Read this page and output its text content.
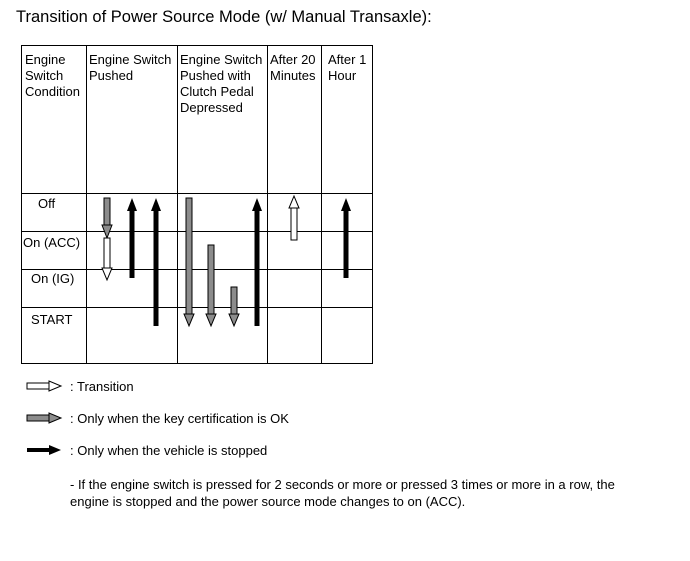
Transition of Power Source Mode (w/ Manual Transaxle):
Engine
Switch
Condition
Engine Switch
Pushed
Engine Switch
Pushed with
Clutch Pedal
Depressed
After 20
Minutes
After 1
Hour
Off
On (ACC)
On (IG)
START
: Transition
: Only when the key certification is OK
: Only when the vehicle is stopped
- If the engine switch is pressed for 2 seconds or more or pressed 3 times or more in a row, the engine is stopped and the power source mode changes to on (ACC).
